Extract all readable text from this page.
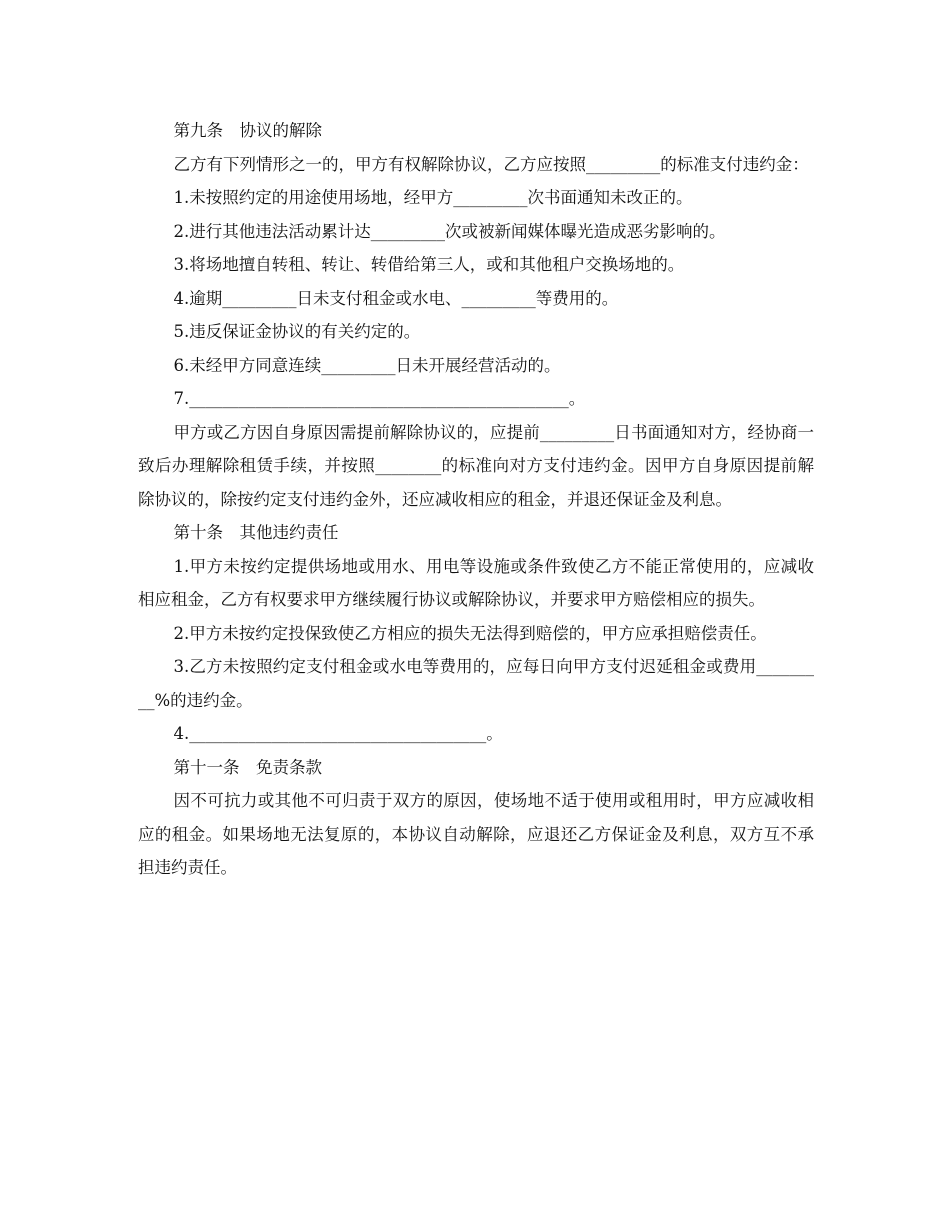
第九条　协议的解除

乙方有下列情形之一的，甲方有权解除协议，乙方应按照_________的标准支付违约金：

1.未按照约定的用途使用场地，经甲方_________次书面通知未改正的。

2.进行其他违法活动累计达_________次或被新闻媒体曝光造成恶劣影响的。

3.将场地擅自转租、转让、转借给第三人，或和其他租户交换场地的。

4.逾期_________日未支付租金或水电、_________等费用的。

5.违反保证金协议的有关约定的。

6.未经甲方同意连续_________日未开展经营活动的。

7.______________________________________________。

甲方或乙方因自身原因需提前解除协议的，应提前_________日书面通知对方，经协商一致后办理解除租赁手续，并按照________的标准向对方支付违约金。因甲方自身原因提前解除协议的，除按约定支付违约金外，还应减收相应的租金，并退还保证金及利息。

第十条　其他违约责任

1.甲方未按约定提供场地或用水、用电等设施或条件致使乙方不能正常使用的，应减收相应租金，乙方有权要求甲方继续履行协议或解除协议，并要求甲方赔偿相应的损失。

2.甲方未按约定投保致使乙方相应的损失无法得到赔偿的，甲方应承担赔偿责任。

3.乙方未按照约定支付租金或水电等费用的，应每日向甲方支付迟延租金或费用_________%的违约金。

4.____________________________________。

第十一条　免责条款

因不可抗力或其他不可归责于双方的原因，使场地不适于使用或租用时，甲方应减收相应的租金。如果场地无法复原的，本协议自动解除，应退还乙方保证金及利息，双方互不承担违约责任。
